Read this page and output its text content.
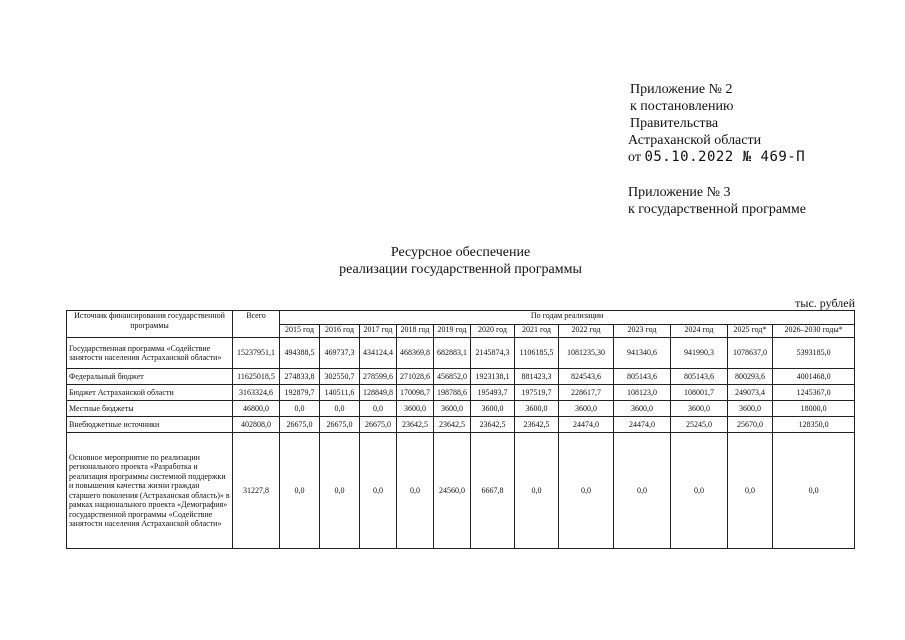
Приложение № 2
к постановлению
Правительства
Астраханской области
от 05.10.2022 № 469-П
Приложение № 3
к государственной программе
Ресурсное обеспечение
реализации государственной программы
тыс. рублей
Источник финансирования государственной программы	Всего	По годам реализации											
		2015 год	2016 год	2017 год	2018 год	2019 год	2020 год	2021 год	2022 год	2023 год	2024 год	2025 год*	2026–2030 годы*
Государственная программа «Содействие занятости населения Астраханской области»	15237951,1	494388,5	469737,3	434124,4	468369,8	682883,1	2145874,3	1106185,5	1081235,30	941340,6	941990,3	1078637,0	5393185,0
Федеральный бюджет	11625018,5	274833,8	302550,7	278599,6	271028,6	456852,0	1923138,1	881423,3	824543,6	805143,6	805143,6	800293,6	4001468,0
Бюджет Астраханской области	3163324,6	192879,7	140511,6	128849,8	170098,7	198788,6	195493,7	197519,7	228617,7	108123,0	108001,7	249073,4	1245367,0
Местные бюджеты	46800,0	0,0	0,0	0,0	3600,0	3600,0	3600,0	3600,0	3600,0	3600,0	3600,0	3600,0	18000,0
Внебюджетные источники	402808,0	26675,0	26675,0	26675,0	23642,5	23642,5	23642,5	23642,5	24474,0	24474,0	25245,0	25670,0	128350,0
Основное мероприятие по реализации регионального проекта «Разработка и реализация программы системной поддержки и повышения качества жизни граждан старшего поколения (Астраханская область)» в рамках национального проекта «Демография» государственной программы «Содействие занятости населения Астраханской области»	31227,8	0,0	0,0	0,0	0,0	24560,0	6667,8	0,0	0,0	0,0	0,0	0,0	0,0
